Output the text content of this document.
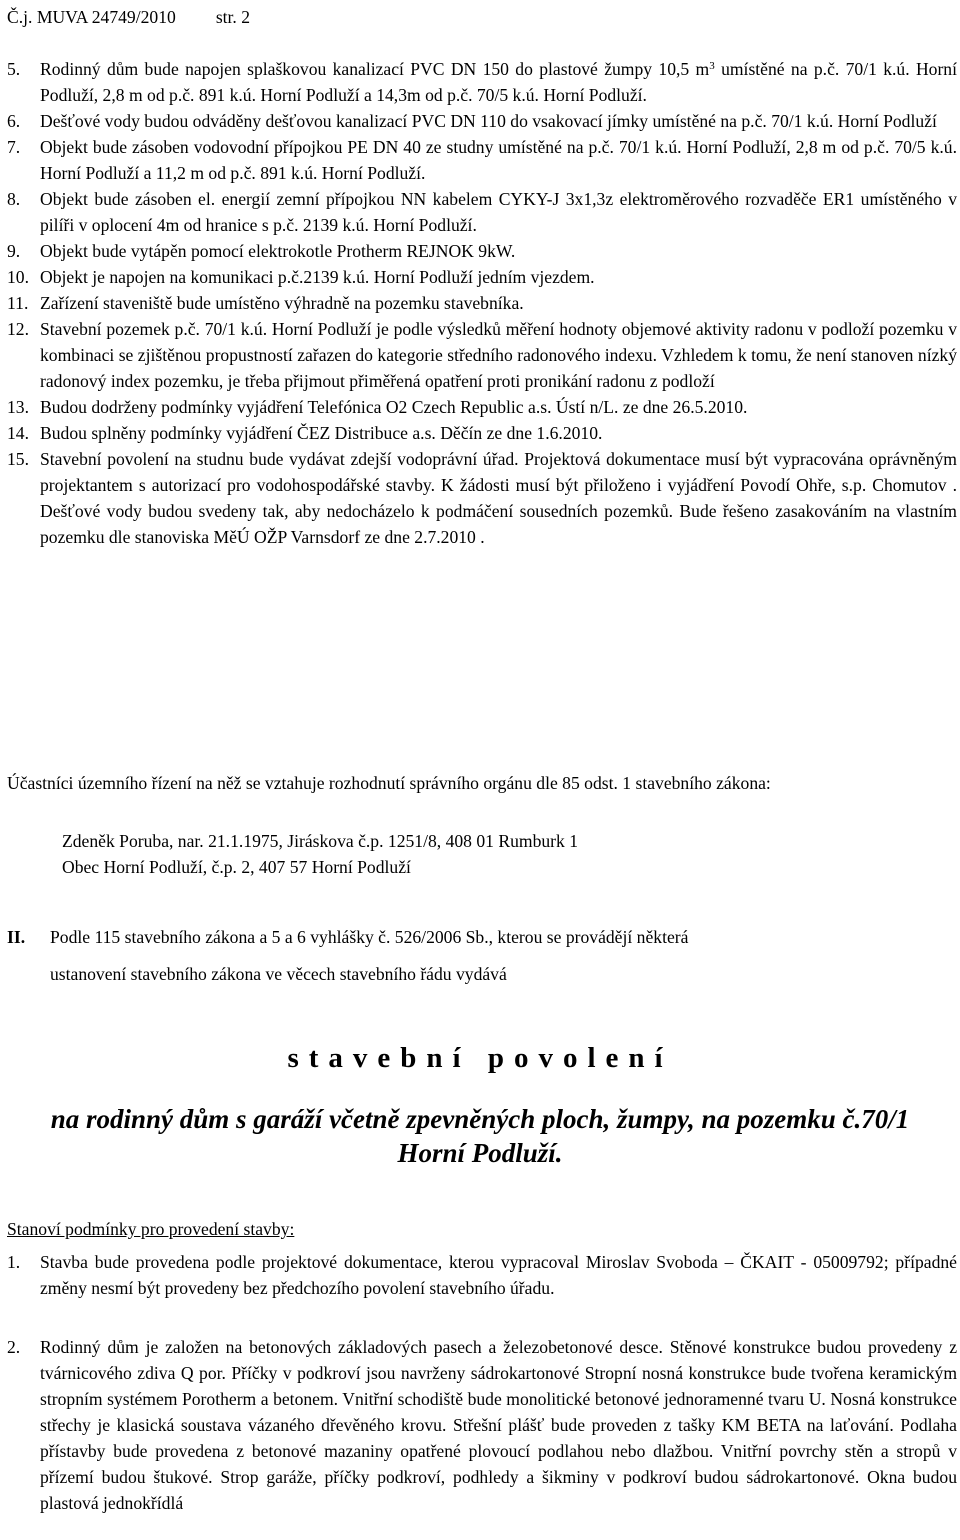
Č.j. MUVA 24749/2010 str. 2
5. Rodinný dům bude napojen splaškovou kanalizací PVC DN 150 do plastové žumpy 10,5 $m^3$ umístěné na p.č. 70/1 k.ú. Horní Podluží, 2,8 m od p.č. 891 k.ú. Horní Podluží a 14,3m od p.č. 70/5 k.ú. Horní Podluží.
6. Dešťové vody budou odváděny dešťovou kanalizací PVC DN 110 do vsakovací jímky umístěné na p.č. 70/1 k.ú. Horní Podluží
7. Objekt bude zásoben vodovodní přípojkou PE DN 40 ze studny umístěné na p.č. 70/1 k.ú. Horní Podluží, 2,8 m od p.č. 70/5 k.ú. Horní Podluží a 11,2 m od p.č. 891 k.ú. Horní Podluží.
8. Objekt bude zásoben el. energií zemní přípojkou NN kabelem CYKY-J 3x1,3z elektroměrového rozvaděče ER1 umístěného v pilíři v oplocení 4m od hranice s p.č. 2139 k.ú. Horní Podluží.
9. Objekt bude vytápěn pomocí elektrokotle Protherm REJNOK 9kW.
10. Objekt je napojen na komunikaci p.č.2139 k.ú. Horní Podluží jedním vjezdem.
11. Zařízení staveniště bude umístěno výhradně na pozemku stavebníka.
12. Stavební pozemek p.č. 70/1 k.ú. Horní Podluží je podle výsledků měření hodnoty objemové aktivity radonu v podloží pozemku v kombinaci se zjištěnou propustností zařazen do kategorie středního radonového indexu. Vzhledem k tomu, že není stanoven nízký radonový index pozemku, je třeba přijmout přiměřená opatření proti pronikání radonu z podloží
13. Budou dodrženy podmínky vyjádření Telefónica O2 Czech Republic a.s. Ústí n/L. ze dne 26.5.2010.
14. Budou splněny podmínky vyjádření ČEZ Distribuce a.s. Děčín ze dne 1.6.2010.
15. Stavební povolení na studnu bude vydávat zdejší vodoprávní úřad. Projektová dokumentace musí být vypracována oprávněným projektantem s autorizací pro vodohospodářské stavby. K žádosti musí být přiloženo i vyjádření Povodí Ohře, s.p. Chomutov . Dešťové vody budou svedeny tak, aby nedocházelo k podmáčení sousedních pozemků. Bude řešeno zasakováním na vlastním pozemku dle stanoviska MěÚ OŽP Varnsdorf ze dne 2.7.2010 .
Účastníci územního řízení na něž se vztahuje rozhodnutí správního orgánu dle 85 odst. 1 stavebního zákona:
Zdeněk Poruba, nar. 21.1.1975, Jiráskova č.p. 1251/8, 408 01 Rumburk 1
Obec Horní Podluží, č.p. 2, 407 57 Horní Podluží
II. Podle 115 stavebního zákona a 5 a 6 vyhlášky č. 526/2006 Sb., kterou se provádějí některá
ustanovení stavebního zákona ve věcech stavebního řádu vydává
stavební povolení
na rodinný dům s garáží včetně zpevněných ploch, žumpy, na pozemku č.70/1
Horní Podluží.
Stanoví podmínky pro provedení stavby:
1. Stavba bude provedena podle projektové dokumentace, kterou vypracoval Miroslav Svoboda – ČKAIT - 05009792; případné změny nesmí být provedeny bez předchozího povolení stavebního úřadu.
2. Rodinný dům je založen na betonových základových pasech a železobetonové desce. Stěnové konstrukce budou provedeny z tvárnicového zdiva Q por. Příčky v podkroví jsou navrženy sádrokartonové Stropní nosná konstrukce bude tvořena keramickým stropním systémem Porotherm a betonem. Vnitřní schodiště bude monolitické betonové jednoramenné tvaru U. Nosná konstrukce střechy je klasická soustava vázaného dřevěného krovu. Střešní plášť bude proveden z tašky KM BETA na laťování. Podlaha přístavby bude provedena z betonové mazaniny opatřené plovoucí podlahou nebo dlažbou. Vnitřní povrchy stěn a stropů v přízemí budou štukové. Strop garáže, příčky podkroví, podhledy a šikminy v podkroví budou sádrokartonové. Okna budou plastová jednokřídlá
